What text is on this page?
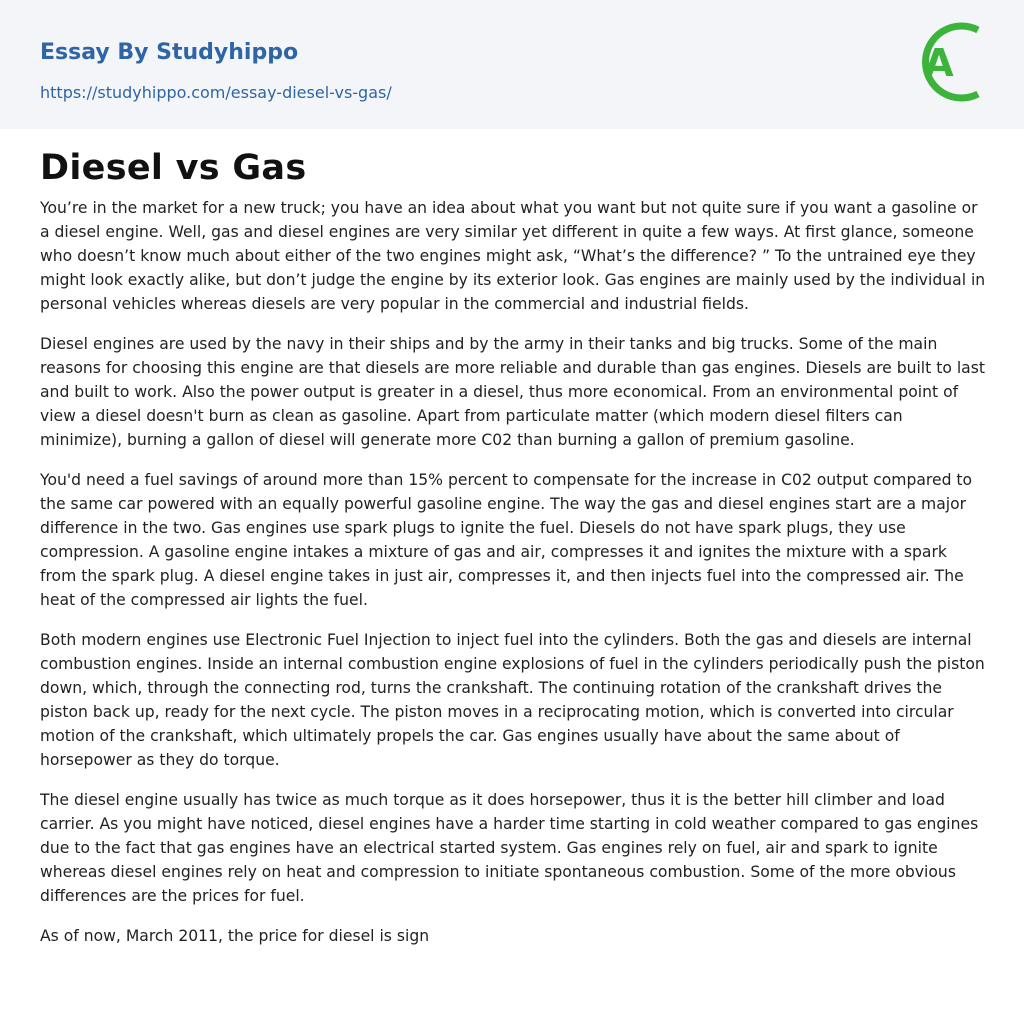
Essay By Studyhippo
https://studyhippo.com/essay-diesel-vs-gas/
A
Diesel vs Gas

You’re in the market for a new truck; you have an idea about what you want but not quite sure if you want a gasoline or a diesel engine. Well, gas and diesel engines are very similar yet different in quite a few ways. At first glance, someone who doesn’t know much about either of the two engines might ask, “What’s the difference? ” To the untrained eye they might look exactly alike, but don’t judge the engine by its exterior look. Gas engines are mainly used by the individual in personal vehicles whereas diesels are very popular in the commercial and industrial fields.

Diesel engines are used by the navy in their ships and by the army in their tanks and big trucks. Some of the main reasons for choosing this engine are that diesels are more reliable and durable than gas engines. Diesels are built to last and built to work. Also the power output is greater in a diesel, thus more economical. From an environmental point of view a diesel doesn't burn as clean as gasoline. Apart from particulate matter (which modern diesel filters can minimize), burning a gallon of diesel will generate more C02 than burning a gallon of premium gasoline.

You'd need a fuel savings of around more than 15% percent to compensate for the increase in C02 output compared to the same car powered with an equally powerful gasoline engine. The way the gas and diesel engines start are a major difference in the two. Gas engines use spark plugs to ignite the fuel. Diesels do not have spark plugs, they use compression. A gasoline engine intakes a mixture of gas and air, compresses it and ignites the mixture with a spark from the spark plug. A diesel engine takes in just air, compresses it, and then injects fuel into the compressed air. The heat of the compressed air lights the fuel.

Both modern engines use Electronic Fuel Injection to inject fuel into the cylinders. Both the gas and diesels are internal combustion engines. Inside an internal combustion engine explosions of fuel in the cylinders periodically push the piston down, which, through the connecting rod, turns the crankshaft. The continuing rotation of the crankshaft drives the piston back up, ready for the next cycle. The piston moves in a reciprocating motion, which is converted into circular motion of the crankshaft, which ultimately propels the car. Gas engines usually have about the same about of horsepower as they do torque.

The diesel engine usually has twice as much torque as it does horsepower, thus it is the better hill climber and load carrier. As you might have noticed, diesel engines have a harder time starting in cold weather compared to gas engines due to the fact that gas engines have an electrical started system. Gas engines rely on fuel, air and spark to ignite whereas diesel engines rely on heat and compression to initiate spontaneous combustion. Some of the more obvious differences are the prices for fuel.

As of now, March 2011, the price for diesel is sign
